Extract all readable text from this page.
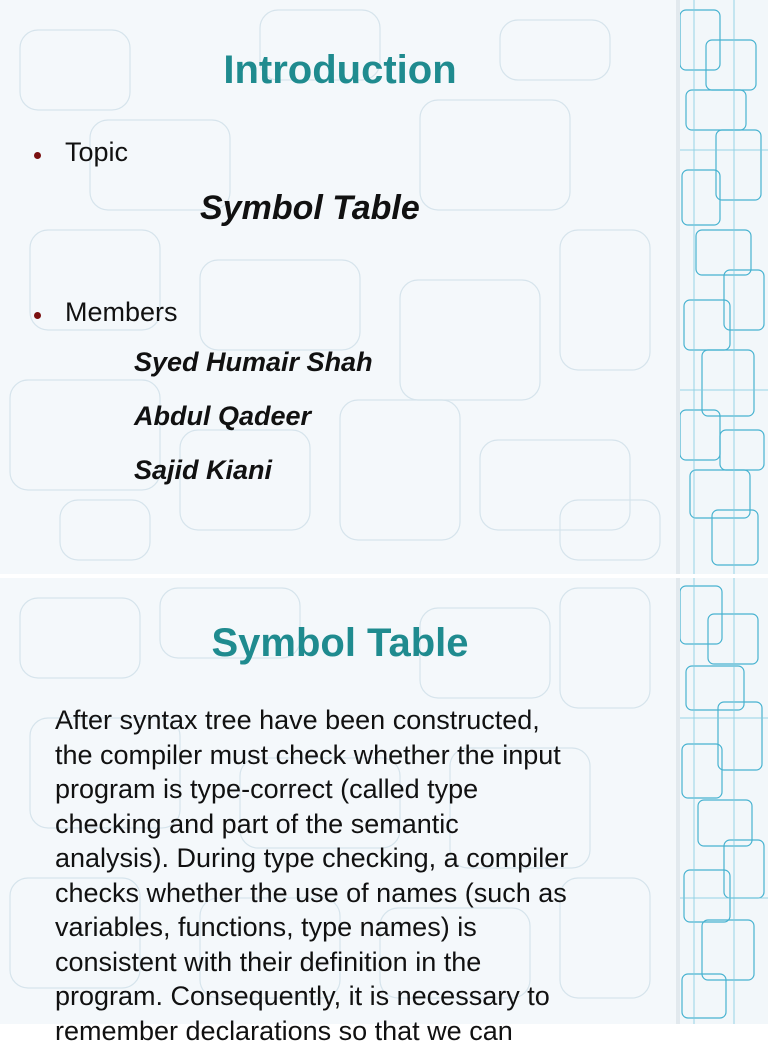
Introduction
Topic
Symbol Table
Members
Syed Humair Shah
Abdul Qadeer
Sajid Kiani
Symbol Table
After syntax tree have been constructed,
the compiler must check whether the input
program is type-correct (called type
checking and part of the semantic
analysis). During type checking, a compiler
checks whether the use of names (such as
variables, functions, type names) is
consistent with their definition in the
program. Consequently, it is necessary to
remember declarations so that we can
